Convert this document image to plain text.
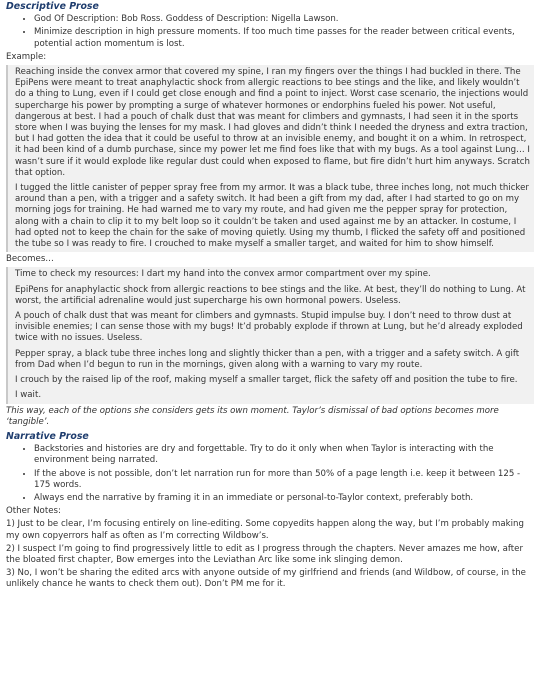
Descriptive Prose
• God Of Description: Bob Ross. Goddess of Description: Nigella Lawson.
• Minimize description in high pressure moments. If too much time passes for the reader between critical events, potential action momentum is lost.
Example:

Reaching inside the convex armor that covered my spine, I ran my fingers over the things I had buckled in there. The EpiPens were meant to treat anaphylactic shock from allergic reactions to bee stings and the like, and likely wouldn’t do a thing to Lung, even if I could get close enough and find a point to inject. Worst case scenario, the injections would supercharge his power by prompting a surge of whatever hormones or endorphins fueled his power. Not useful, dangerous at best. I had a pouch of chalk dust that was meant for climbers and gymnasts, I had seen it in the sports store when I was buying the lenses for my mask. I had gloves and didn’t think I needed the dryness and extra traction, but I had gotten the idea that it could be useful to throw at an invisible enemy, and bought it on a whim. In retrospect, it had been kind of a dumb purchase, since my power let me find foes like that with my bugs. As a tool against Lung… I wasn’t sure if it would explode like regular dust could when exposed to flame, but fire didn’t hurt him anyways. Scratch that option.

I tugged the little canister of pepper spray free from my armor. It was a black tube, three inches long, not much thicker around than a pen, with a trigger and a safety switch. It had been a gift from my dad, after I had started to go on my morning jogs for training. He had warned me to vary my route, and had given me the pepper spray for protection, along with a chain to clip it to my belt loop so it couldn’t be taken and used against me by an attacker. In costume, I had opted not to keep the chain for the sake of moving quietly. Using my thumb, I flicked the safety off and positioned the tube so I was ready to fire. I crouched to make myself a smaller target, and waited for him to show himself.

Becomes…

Time to check my resources: I dart my hand into the convex armor compartment over my spine.

EpiPens for anaphylactic shock from allergic reactions to bee stings and the like. At best, they’ll do nothing to Lung. At worst, the artificial adrenaline would just supercharge his own hormonal powers. Useless.

A pouch of chalk dust that was meant for climbers and gymnasts. Stupid impulse buy. I don’t need to throw dust at invisible enemies; I can sense those with my bugs! It’d probably explode if thrown at Lung, but he’d already exploded twice with no issues. Useless.

Pepper spray, a black tube three inches long and slightly thicker than a pen, with a trigger and a safety switch. A gift from Dad when I’d begun to run in the mornings, given along with a warning to vary my route.

I crouch by the raised lip of the roof, making myself a smaller target, flick the safety off and position the tube to fire.

I wait.

This way, each of the options she considers gets its own moment. Taylor’s dismissal of bad options becomes more ‘tangible’.
Narrative Prose
• Backstories and histories are dry and forgettable. Try to do it only when when Taylor is interacting with the environment being narrated.
• If the above is not possible, don’t let narration run for more than 50% of a page length i.e. keep it between 125 - 175 words.
• Always end the narrative by framing it in an immediate or personal-to-Taylor context, preferably both.
Other Notes:
1) Just to be clear, I’m focusing entirely on line-editing. Some copyedits happen along the way, but I’m probably making my own copyerrors half as often as I’m correcting Wildbow’s.
2) I suspect I’m going to find progressively little to edit as I progress through the chapters. Never amazes me how, after the bloated first chapter, Bow emerges into the Leviathan Arc like some ink slinging demon.
3) No, I won’t be sharing the edited arcs with anyone outside of my girlfriend and friends (and Wildbow, of course, in the unlikely chance he wants to check them out). Don’t PM me for it.
